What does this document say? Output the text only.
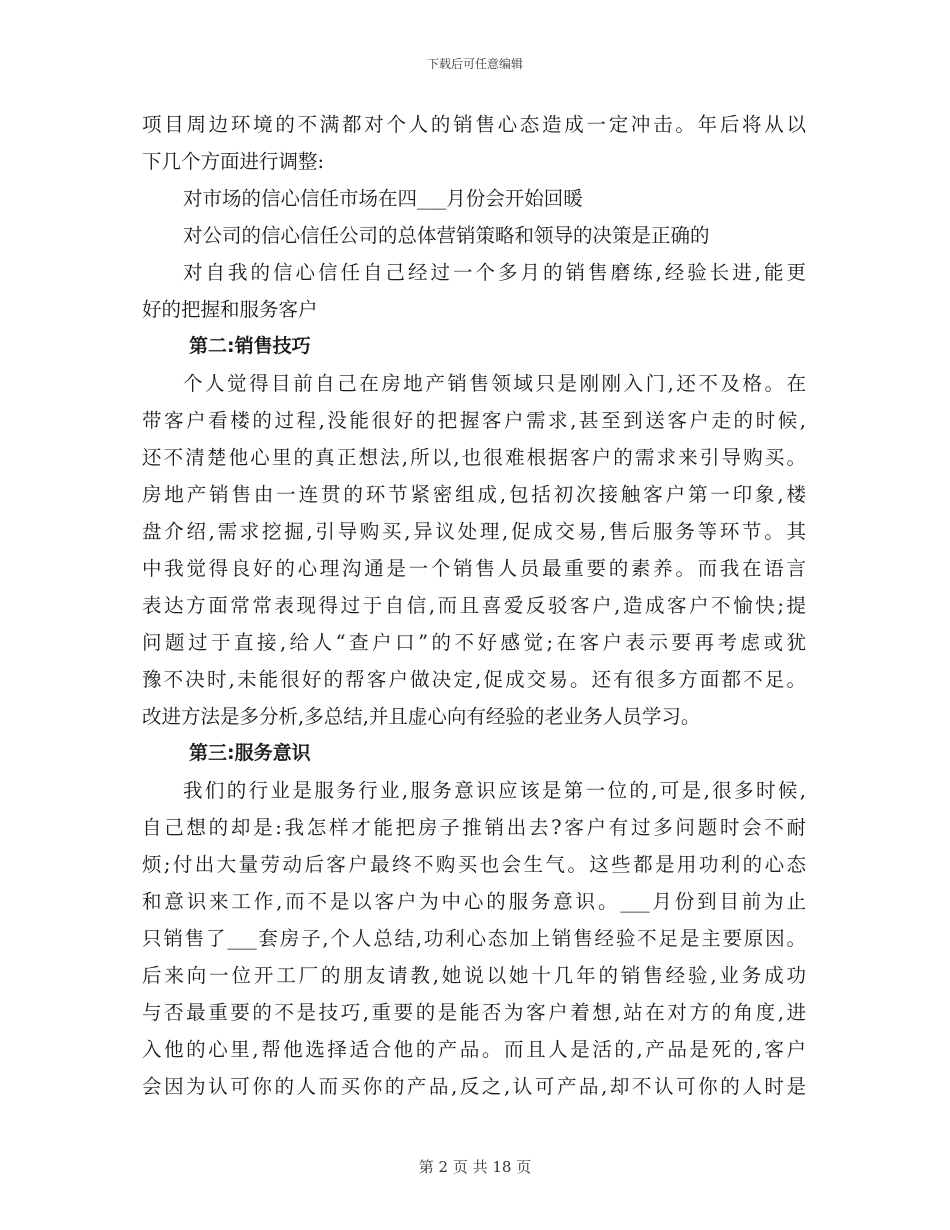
下载后可任意编辑
项目周边环境的不满都对个人的销售心态造成一定冲击。年后将从以
下几个方面进行调整:
对市场的信心信任市场在四___月份会开始回暖
对公司的信心信任公司的总体营销策略和领导的决策是正确的
对自我的信心信任自己经过一个多月的销售磨练,经验长进,能更
好的把握和服务客户
第二:销售技巧
个人觉得目前自己在房地产销售领域只是刚刚入门,还不及格。在
带客户看楼的过程,没能很好的把握客户需求,甚至到送客户走的时候,
还不清楚他心里的真正想法,所以,也很难根据客户的需求来引导购买。
房地产销售由一连贯的环节紧密组成,包括初次接触客户第一印象,楼
盘介绍,需求挖掘,引导购买,异议处理,促成交易,售后服务等环节。其
中我觉得良好的心理沟通是一个销售人员最重要的素养。而我在语言
表达方面常常表现得过于自信,而且喜爱反驳客户,造成客户不愉快;提
问题过于直接,给人“查户口”的不好感觉;在客户表示要再考虑或犹
豫不决时,未能很好的帮客户做决定,促成交易。还有很多方面都不足。
改进方法是多分析,多总结,并且虚心向有经验的老业务人员学习。
第三:服务意识
我们的行业是服务行业,服务意识应该是第一位的,可是,很多时候,
自己想的却是:我怎样才能把房子推销出去?客户有过多问题时会不耐
烦;付出大量劳动后客户最终不购买也会生气。这些都是用功利的心态
和意识来工作,而不是以客户为中心的服务意识。___月份到目前为止
只销售了___套房子,个人总结,功利心态加上销售经验不足是主要原因。
后来向一位开工厂的朋友请教,她说以她十几年的销售经验,业务成功
与否最重要的不是技巧,重要的是能否为客户着想,站在对方的角度,进
入他的心里,帮他选择适合他的产品。而且人是活的,产品是死的,客户
会因为认可你的人而买你的产品,反之,认可产品,却不认可你的人时是
第 2 页 共 18 页
